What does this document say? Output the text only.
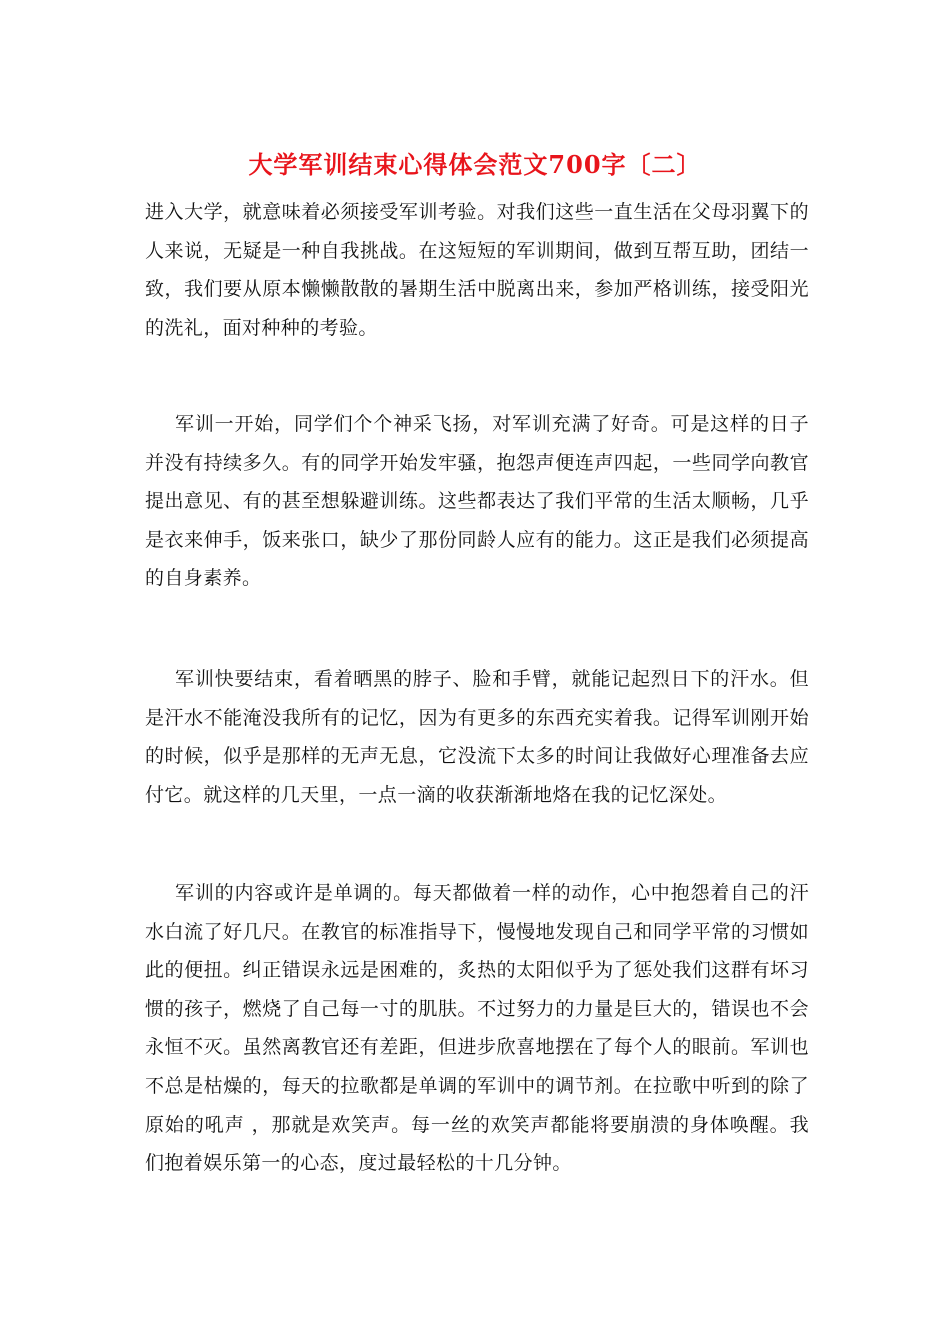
大学军训结束心得体会范文700字〔二〕

进入大学，就意味着必须接受军训考验。对我们这些一直生活在父母羽翼下的人来说，无疑是一种自我挑战。在这短短的军训期间，做到互帮互助，团结一致，我们要从原本懒懒散散的暑期生活中脱离出来，参加严格训练，接受阳光的洗礼，面对种种的考验。

军训一开始，同学们个个神采飞扬，对军训充满了好奇。可是这样的日子并没有持续多久。有的同学开始发牢骚，抱怨声便连声四起，一些同学向教官提出意见、有的甚至想躲避训练。这些都表达了我们平常的生活太顺畅，几乎是衣来伸手，饭来张口，缺少了那份同龄人应有的能力。这正是我们必须提高的自身素养。

军训快要结束，看着晒黑的脖子、脸和手臂，就能记起烈日下的汗水。但是汗水不能淹没我所有的记忆，因为有更多的东西充实着我。记得军训刚开始的时候，似乎是那样的无声无息，它没流下太多的时间让我做好心理准备去应付它。就这样的几天里，一点一滴的收获渐渐地烙在我的记忆深处。

军训的内容或许是单调的。每天都做着一样的动作，心中抱怨着自己的汗水白流了好几尺。在教官的标准指导下，慢慢地发现自己和同学平常的习惯如此的便扭。纠正错误永远是困难的，炙热的太阳似乎为了惩处我们这群有坏习惯的孩子，燃烧了自己每一寸的肌肤。不过努力的力量是巨大的，错误也不会永恒不灭。虽然离教官还有差距，但进步欣喜地摆在了每个人的眼前。军训也不总是枯燥的，每天的拉歌都是单调的军训中的调节剂。在拉歌中听到的除了 原始的吼声 ，那就是欢笑声。每一丝的欢笑声都能将要崩溃的身体唤醒。我们抱着娱乐第一的心态，度过最轻松的十几分钟。
